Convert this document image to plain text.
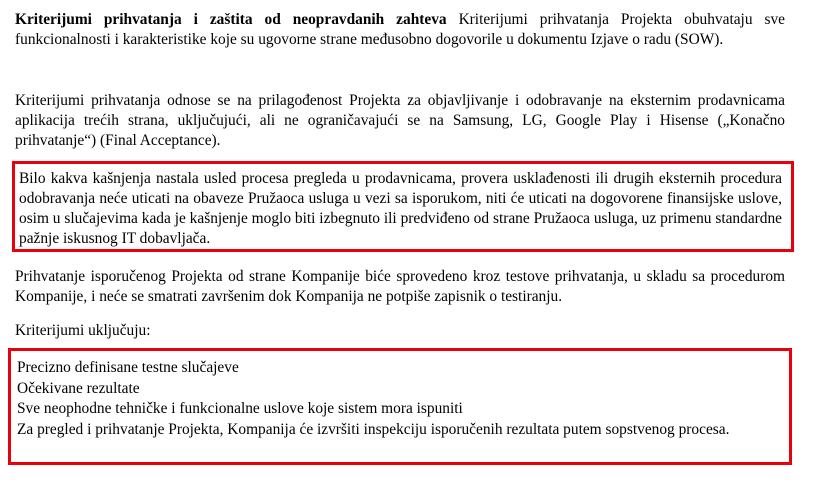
Kriterijumi prihvatanja i zaštita od neopravdanih zahteva Kriterijumi prihvatanja Projekta obuhvataju sve funkcionalnosti i karakteristike koje su ugovorne strane međusobno dogovorile u dokumentu Izjave o radu (SOW).

Kriterijumi prihvatanja odnose se na prilagođenost Projekta za objavljivanje i odobravanje na eksternim prodavnicama aplikacija trećih strana, uključujući, ali ne ograničavajući se na Samsung, LG, Google Play i Hisense („Konačno prihvatanje“) (Final Acceptance).

Bilo kakva kašnjenja nastala usled procesa pregleda u prodavnicama, provera usklađenosti ili drugih eksternih procedura odobravanja neće uticati na obaveze Pružaoca usluga u vezi sa isporukom, niti će uticati na dogovorene finansijske uslove, osim u slučajevima kada je kašnjenje moglo biti izbegnuto ili predviđeno od strane Pružaoca usluga, uz primenu standardne pažnje iskusnog IT dobavljača.

Prihvatanje isporučenog Projekta od strane Kompanije biće sprovedeno kroz testove prihvatanja, u skladu sa procedurom Kompanije, i neće se smatrati završenim dok Kompanija ne potpiše zapisnik o testiranju.

Kriterijumi uključuju:

Precizno definisane testne slučajeve
Očekivane rezultate
Sve neophodne tehničke i funkcionalne uslove koje sistem mora ispuniti
Za pregled i prihvatanje Projekta, Kompanija će izvršiti inspekciju isporučenih rezultata putem sopstvenog procesa.
